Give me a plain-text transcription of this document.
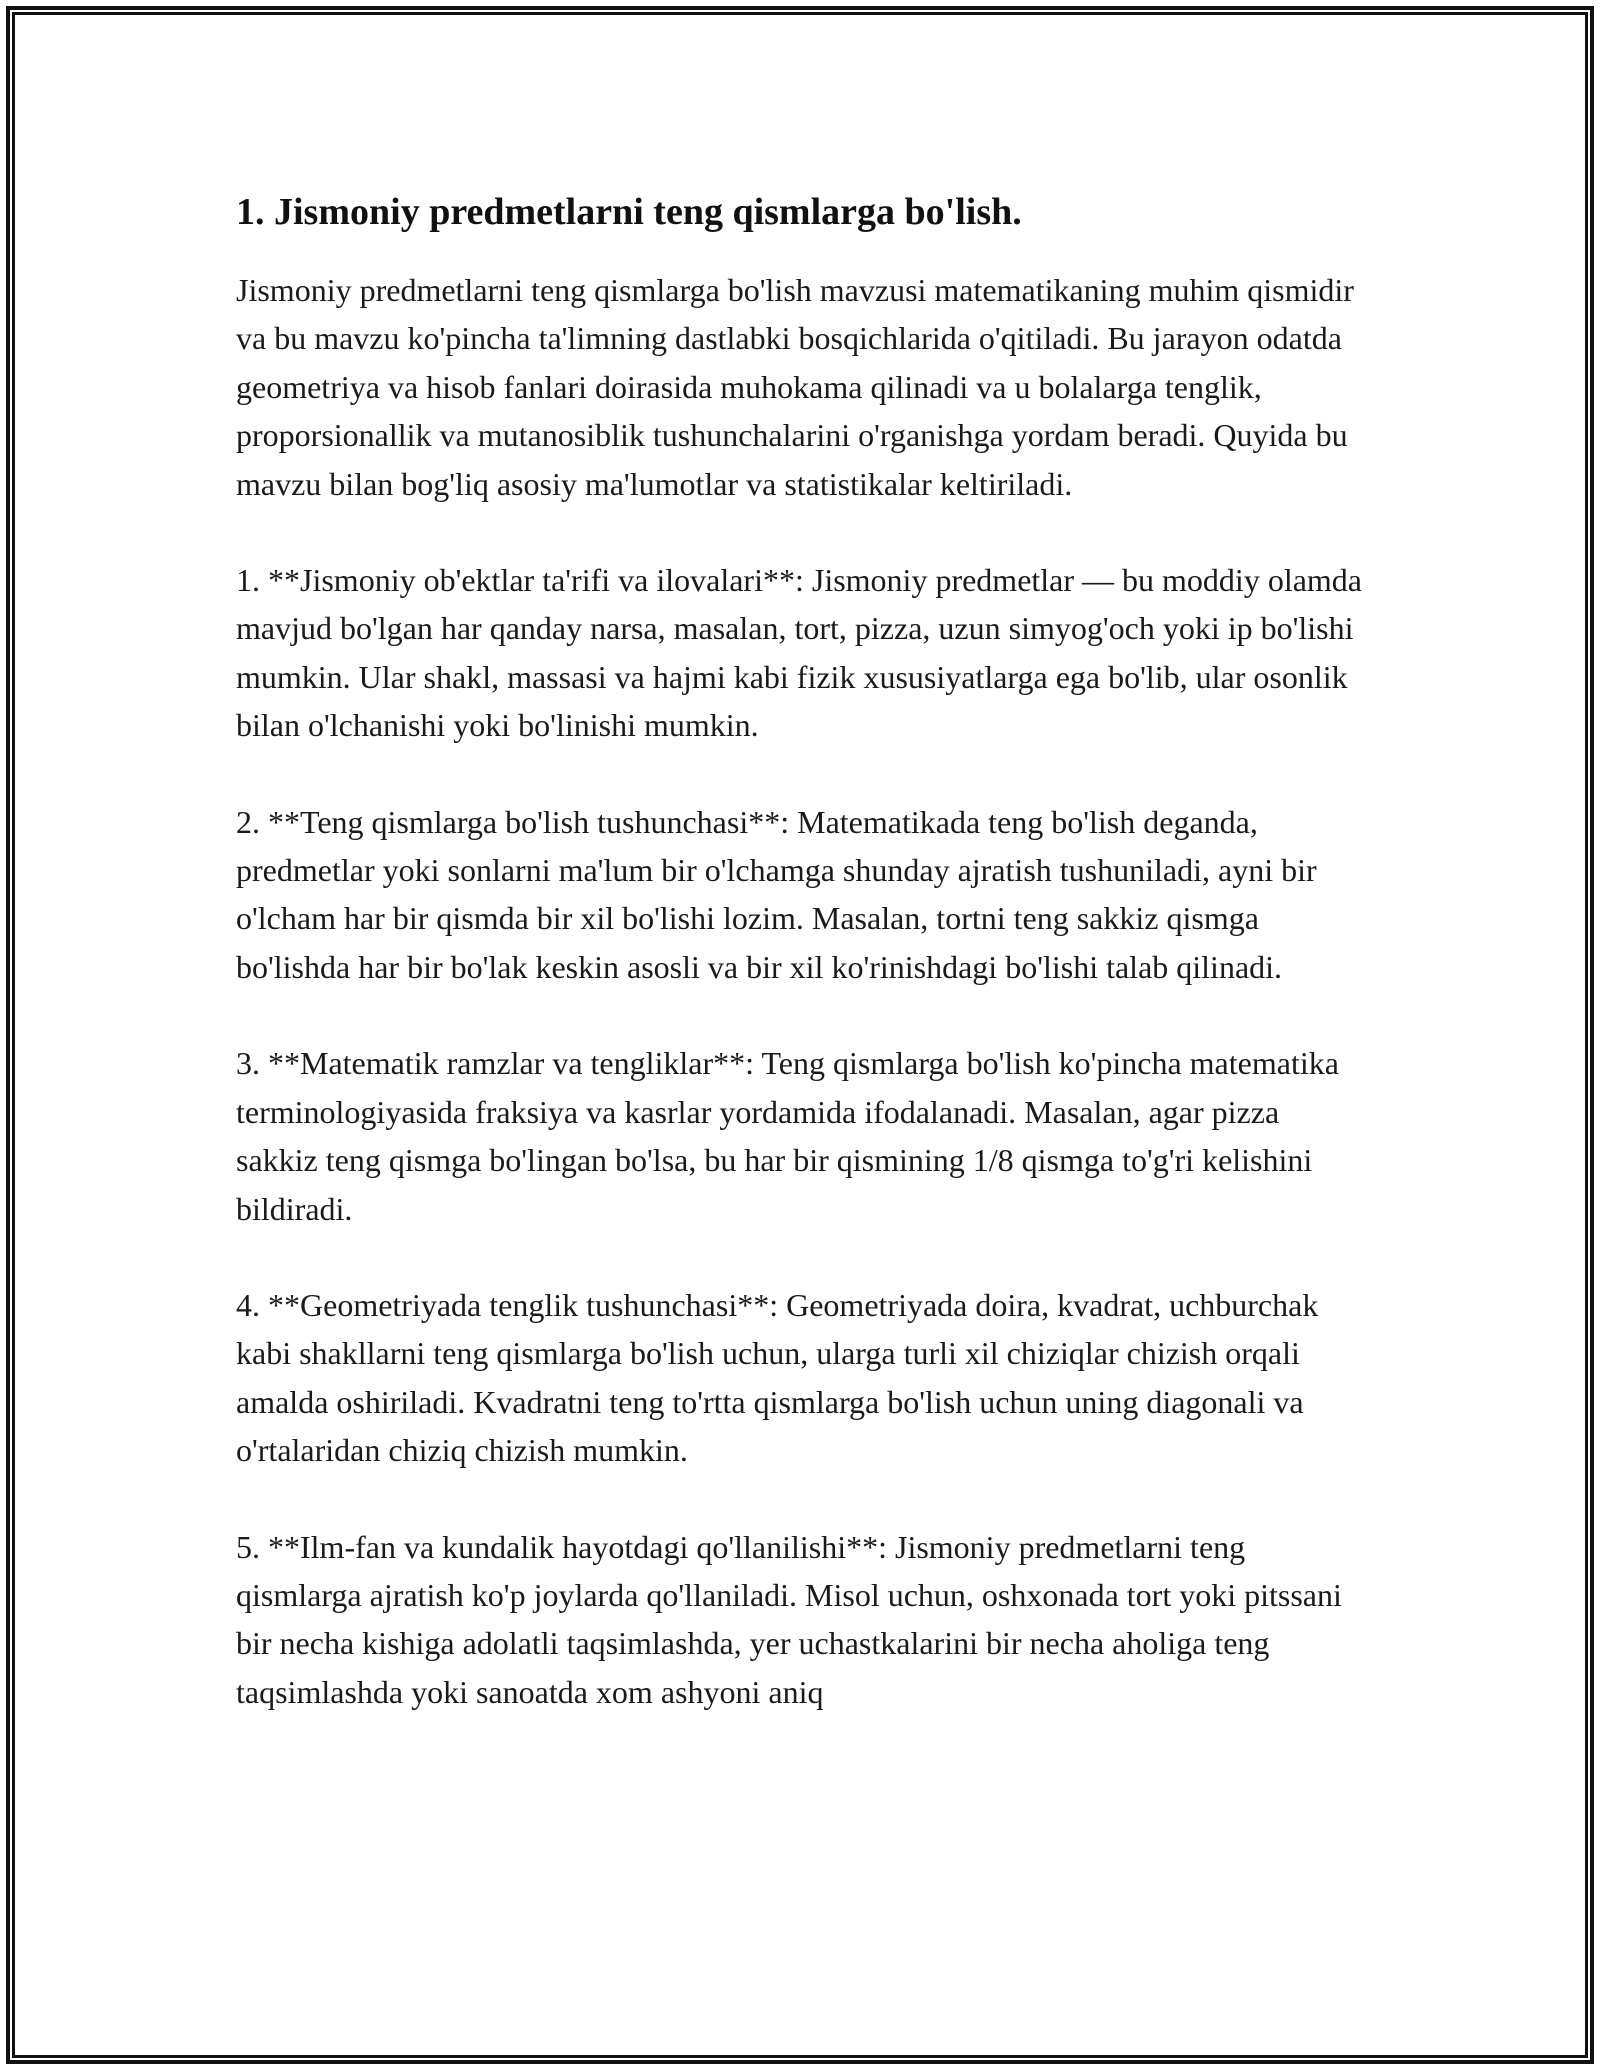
1. Jismoniy predmetlarni teng qismlarga bo'lish.

Jismoniy predmetlarni teng qismlarga bo'lish mavzusi matematikaning muhim qismidir va bu mavzu ko'pincha ta'limning dastlabki bosqichlarida o'qitiladi. Bu jarayon odatda geometriya va hisob fanlari doirasida muhokama qilinadi va u bolalarga tenglik, proporsionallik va mutanosiblik tushunchalarini o'rganishga yordam beradi. Quyida bu mavzu bilan bog'liq asosiy ma'lumotlar va statistikalar keltiriladi.

1. **Jismoniy ob'ektlar ta'rifi va ilovalari**: Jismoniy predmetlar — bu moddiy olamda mavjud bo'lgan har qanday narsa, masalan, tort, pizza, uzun simyog'och yoki ip bo'lishi mumkin. Ular shakl, massasi va hajmi kabi fizik xususiyatlarga ega bo'lib, ular osonlik bilan o'lchanishi yoki bo'linishi mumkin.

2. **Teng qismlarga bo'lish tushunchasi**: Matematikada teng bo'lish deganda, predmetlar yoki sonlarni ma'lum bir o'lchamga shunday ajratish tushuniladi, ayni bir o'lcham har bir qismda bir xil bo'lishi lozim. Masalan, tortni teng sakkiz qismga bo'lishda har bir bo'lak keskin asosli va bir xil ko'rinishdagi bo'lishi talab qilinadi.

3. **Matematik ramzlar va tengliklar**: Teng qismlarga bo'lish ko'pincha matematika terminologiyasida fraksiya va kasrlar yordamida ifodalanadi. Masalan, agar pizza sakkiz teng qismga bo'lingan bo'lsa, bu har bir qismining 1/8 qismga to'g'ri kelishini bildiradi.

4. **Geometriyada tenglik tushunchasi**: Geometriyada doira, kvadrat, uchburchak kabi shakllarni teng qismlarga bo'lish uchun, ularga turli xil chiziqlar chizish orqali amalda oshiriladi. Kvadratni teng to'rtta qismlarga bo'lish uchun uning diagonali va o'rtalaridan chiziq chizish mumkin.

5. **Ilm-fan va kundalik hayotdagi qo'llanilishi**: Jismoniy predmetlarni teng qismlarga ajratish ko'p joylarda qo'llaniladi. Misol uchun, oshxonada tort yoki pitssani bir necha kishiga adolatli taqsimlashda, yer uchastkalarini bir necha aholiga teng taqsimlashda yoki sanoatda xom ashyoni aniq
